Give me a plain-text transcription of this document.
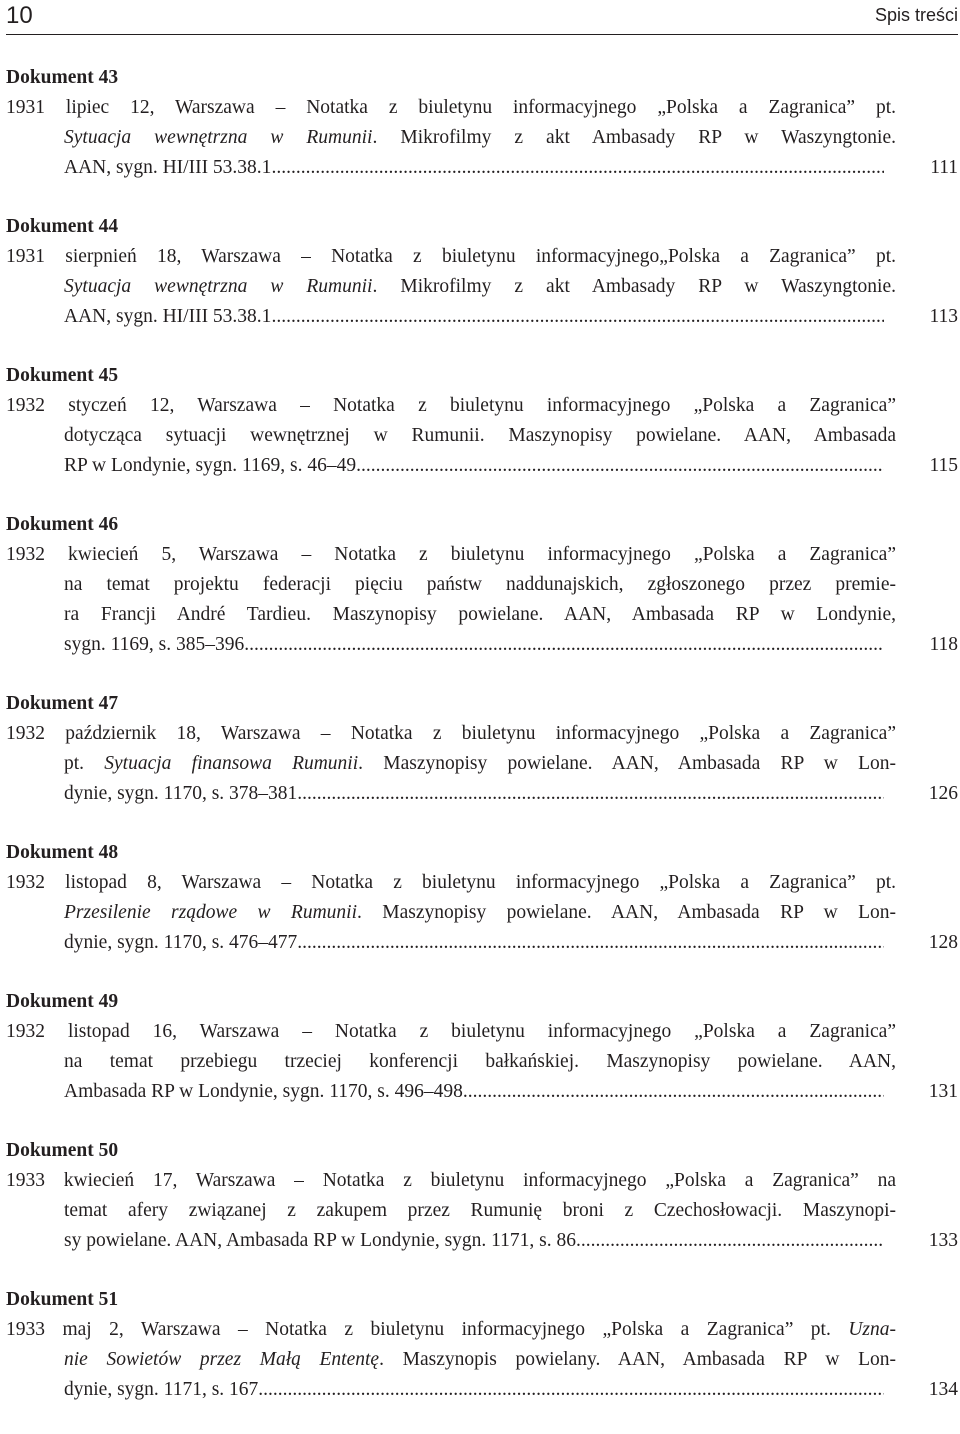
10	Spis treści
Dokument 43
1931 lipiec 12, Warszawa – Notatka z biuletynu informacyjnego „Polska a Zagranica” pt.
Sytuacja wewnętrzna w Rumunii. Mikrofilmy z akt Ambasady RP w Waszyngtonie.
AAN, sygn. HI/III 53.38.1 .....	111
Dokument 44
1931 sierpnień 18, Warszawa – Notatka z biuletynu informacyjnego„Polska a Zagranica” pt.
Sytuacja wewnętrzna w Rumunii. Mikrofilmy z akt Ambasady RP w Waszyngtonie.
AAN, sygn. HI/III 53.38.1 .....	113
Dokument 45
1932 styczeń 12, Warszawa – Notatka z biuletynu informacyjnego „Polska a Zagranica”
dotycząca sytuacji wewnętrznej w Rumunii. Maszynopisy powielane. AAN, Ambasada
RP w Londynie, sygn. 1169, s. 46–49 .....	115
Dokument 46
1932 kwiecień 5, Warszawa – Notatka z biuletynu informacyjnego „Polska a Zagranica”
na temat projektu federacji pięciu państw naddunajskich, zgłoszonego przez premie-
ra Francji André Tardieu. Maszynopisy powielane. AAN, Ambasada RP w Londynie,
sygn. 1169, s. 385–396 .....	118
Dokument 47
1932 październik 18, Warszawa – Notatka z biuletynu informacyjnego „Polska a Zagranica”
pt. Sytuacja finansowa Rumunii. Maszynopisy powielane. AAN, Ambasada RP w Lon-
dynie, sygn. 1170, s. 378–381 .....	126
Dokument 48
1932 listopad 8, Warszawa – Notatka z biuletynu informacyjnego „Polska a Zagranica” pt.
Przesilenie rządowe w Rumunii. Maszynopisy powielane. AAN, Ambasada RP w Lon-
dynie, sygn. 1170, s. 476–477 .....	128
Dokument 49
1932 listopad 16, Warszawa – Notatka z biuletynu informacyjnego „Polska a Zagranica”
na temat przebiegu trzeciej konferencji bałkańskiej. Maszynopisy powielane. AAN,
Ambasada RP w Londynie, sygn. 1170, s. 496–498 .....	131
Dokument 50
1933 kwiecień 17, Warszawa – Notatka z biuletynu informacyjnego „Polska a Zagranica” na
temat afery związanej z zakupem przez Rumunię broni z Czechosłowacji. Maszynopi-
sy powielane. AAN, Ambasada RP w Londynie, sygn. 1171, s. 86 .....	133
Dokument 51
1933 maj 2, Warszawa – Notatka z biuletynu informacyjnego „Polska a Zagranica” pt. Uzna-
nie Sowietów przez Małą Ententę. Maszynopis powielany. AAN, Ambasada RP w Lon-
dynie, sygn. 1171, s. 167 .....	134
